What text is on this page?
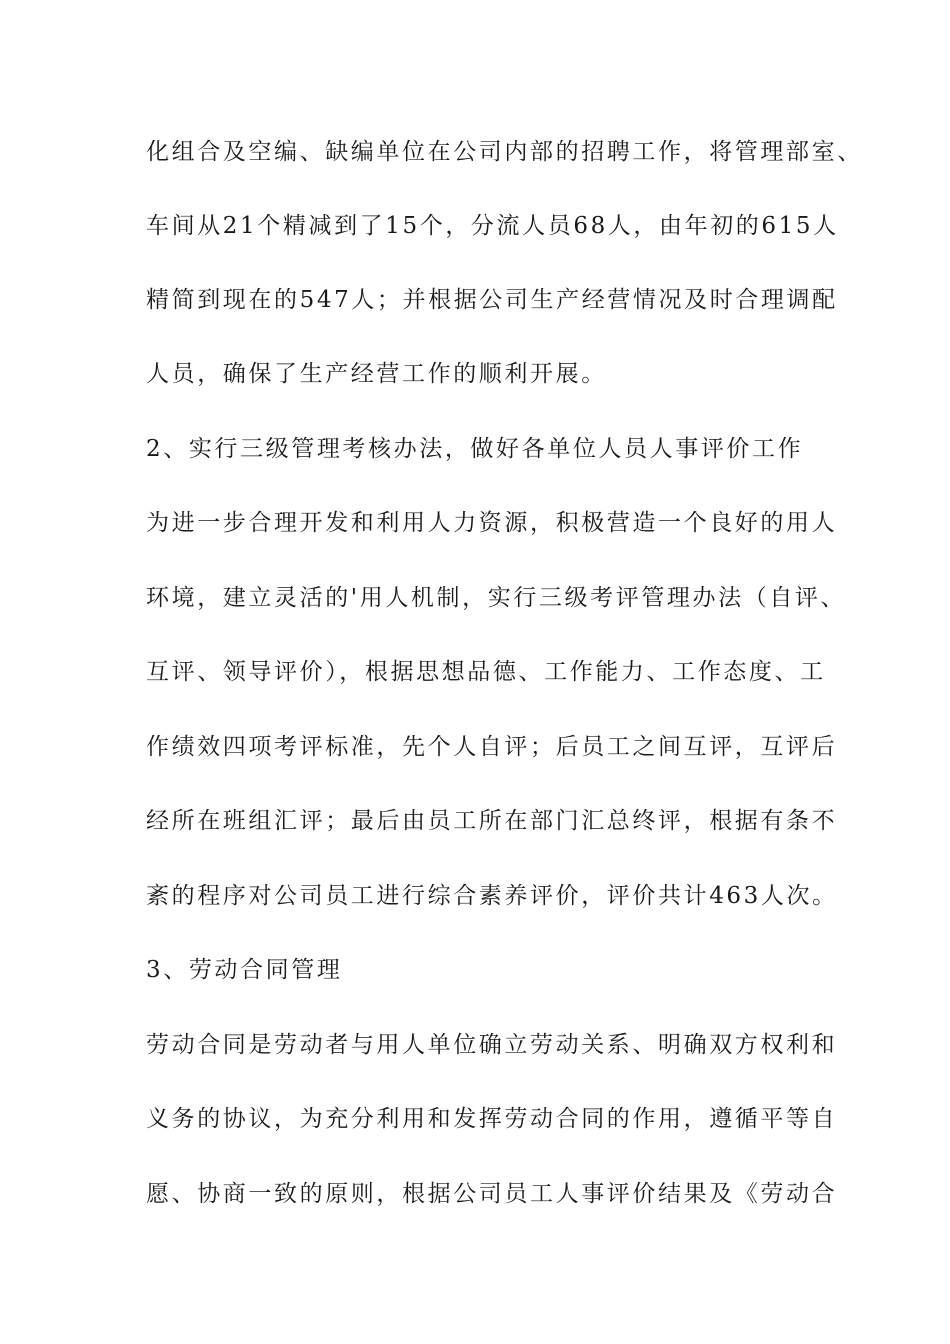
化组合及空编、缺编单位在公司内部的招聘工作，将管理部室、

车间从21个精减到了15个，分流人员68人，由年初的615人

精简到现在的547人；并根据公司生产经营情况及时合理调配

人员，确保了生产经营工作的顺利开展。

2、实行三级管理考核办法，做好各单位人员人事评价工作

为进一步合理开发和利用人力资源，积极营造一个良好的用人

环境，建立灵活的'用人机制，实行三级考评管理办法（自评、

互评、领导评价），根据思想品德、工作能力、工作态度、工

作绩效四项考评标准，先个人自评；后员工之间互评，互评后

经所在班组汇评；最后由员工所在部门汇总终评，根据有条不

紊的程序对公司员工进行综合素养评价，评价共计463人次。

3、劳动合同管理

劳动合同是劳动者与用人单位确立劳动关系、明确双方权利和

义务的协议，为充分利用和发挥劳动合同的作用，遵循平等自

愿、协商一致的原则，根据公司员工人事评价结果及《劳动合
